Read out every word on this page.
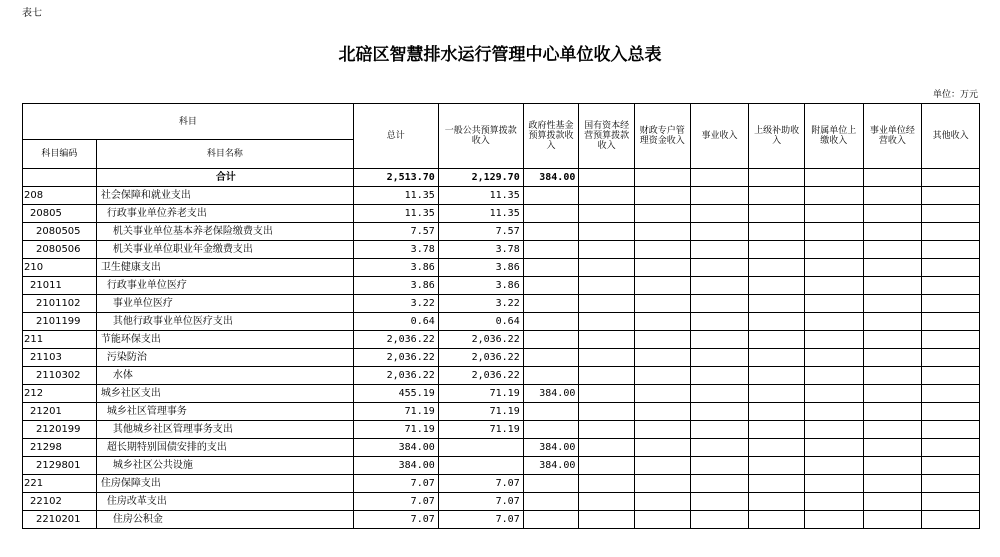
表七
北碚区智慧排水运行管理中心单位收入总表
单位：万元
科目		总计	一般公共预算拨款收入	政府性基金预算拨款收入	国有资本经营预算拨款收入	财政专户管理资金收入	事业收入	上级补助收入	附属单位上缴收入	事业单位经营收入	其他收入
科目编码	科目名称										
	合计	2,513.70	2,129.70	384.00							
208	社会保障和就业支出	11.35	11.35								
20805	行政事业单位养老支出	11.35	11.35								
2080505	机关事业单位基本养老保险缴费支出	7.57	7.57								
2080506	机关事业单位职业年金缴费支出	3.78	3.78								
210	卫生健康支出	3.86	3.86								
21011	行政事业单位医疗	3.86	3.86								
2101102	事业单位医疗	3.22	3.22								
2101199	其他行政事业单位医疗支出	0.64	0.64								
211	节能环保支出	2,036.22	2,036.22								
21103	污染防治	2,036.22	2,036.22								
2110302	水体	2,036.22	2,036.22								
212	城乡社区支出	455.19	71.19	384.00							
21201	城乡社区管理事务	71.19	71.19								
2120199	其他城乡社区管理事务支出	71.19	71.19								
21298	超长期特别国债安排的支出	384.00		384.00							
2129801	城乡社区公共设施	384.00		384.00							
221	住房保障支出	7.07	7.07								
22102	住房改革支出	7.07	7.07								
2210201	住房公积金	7.07	7.07								
